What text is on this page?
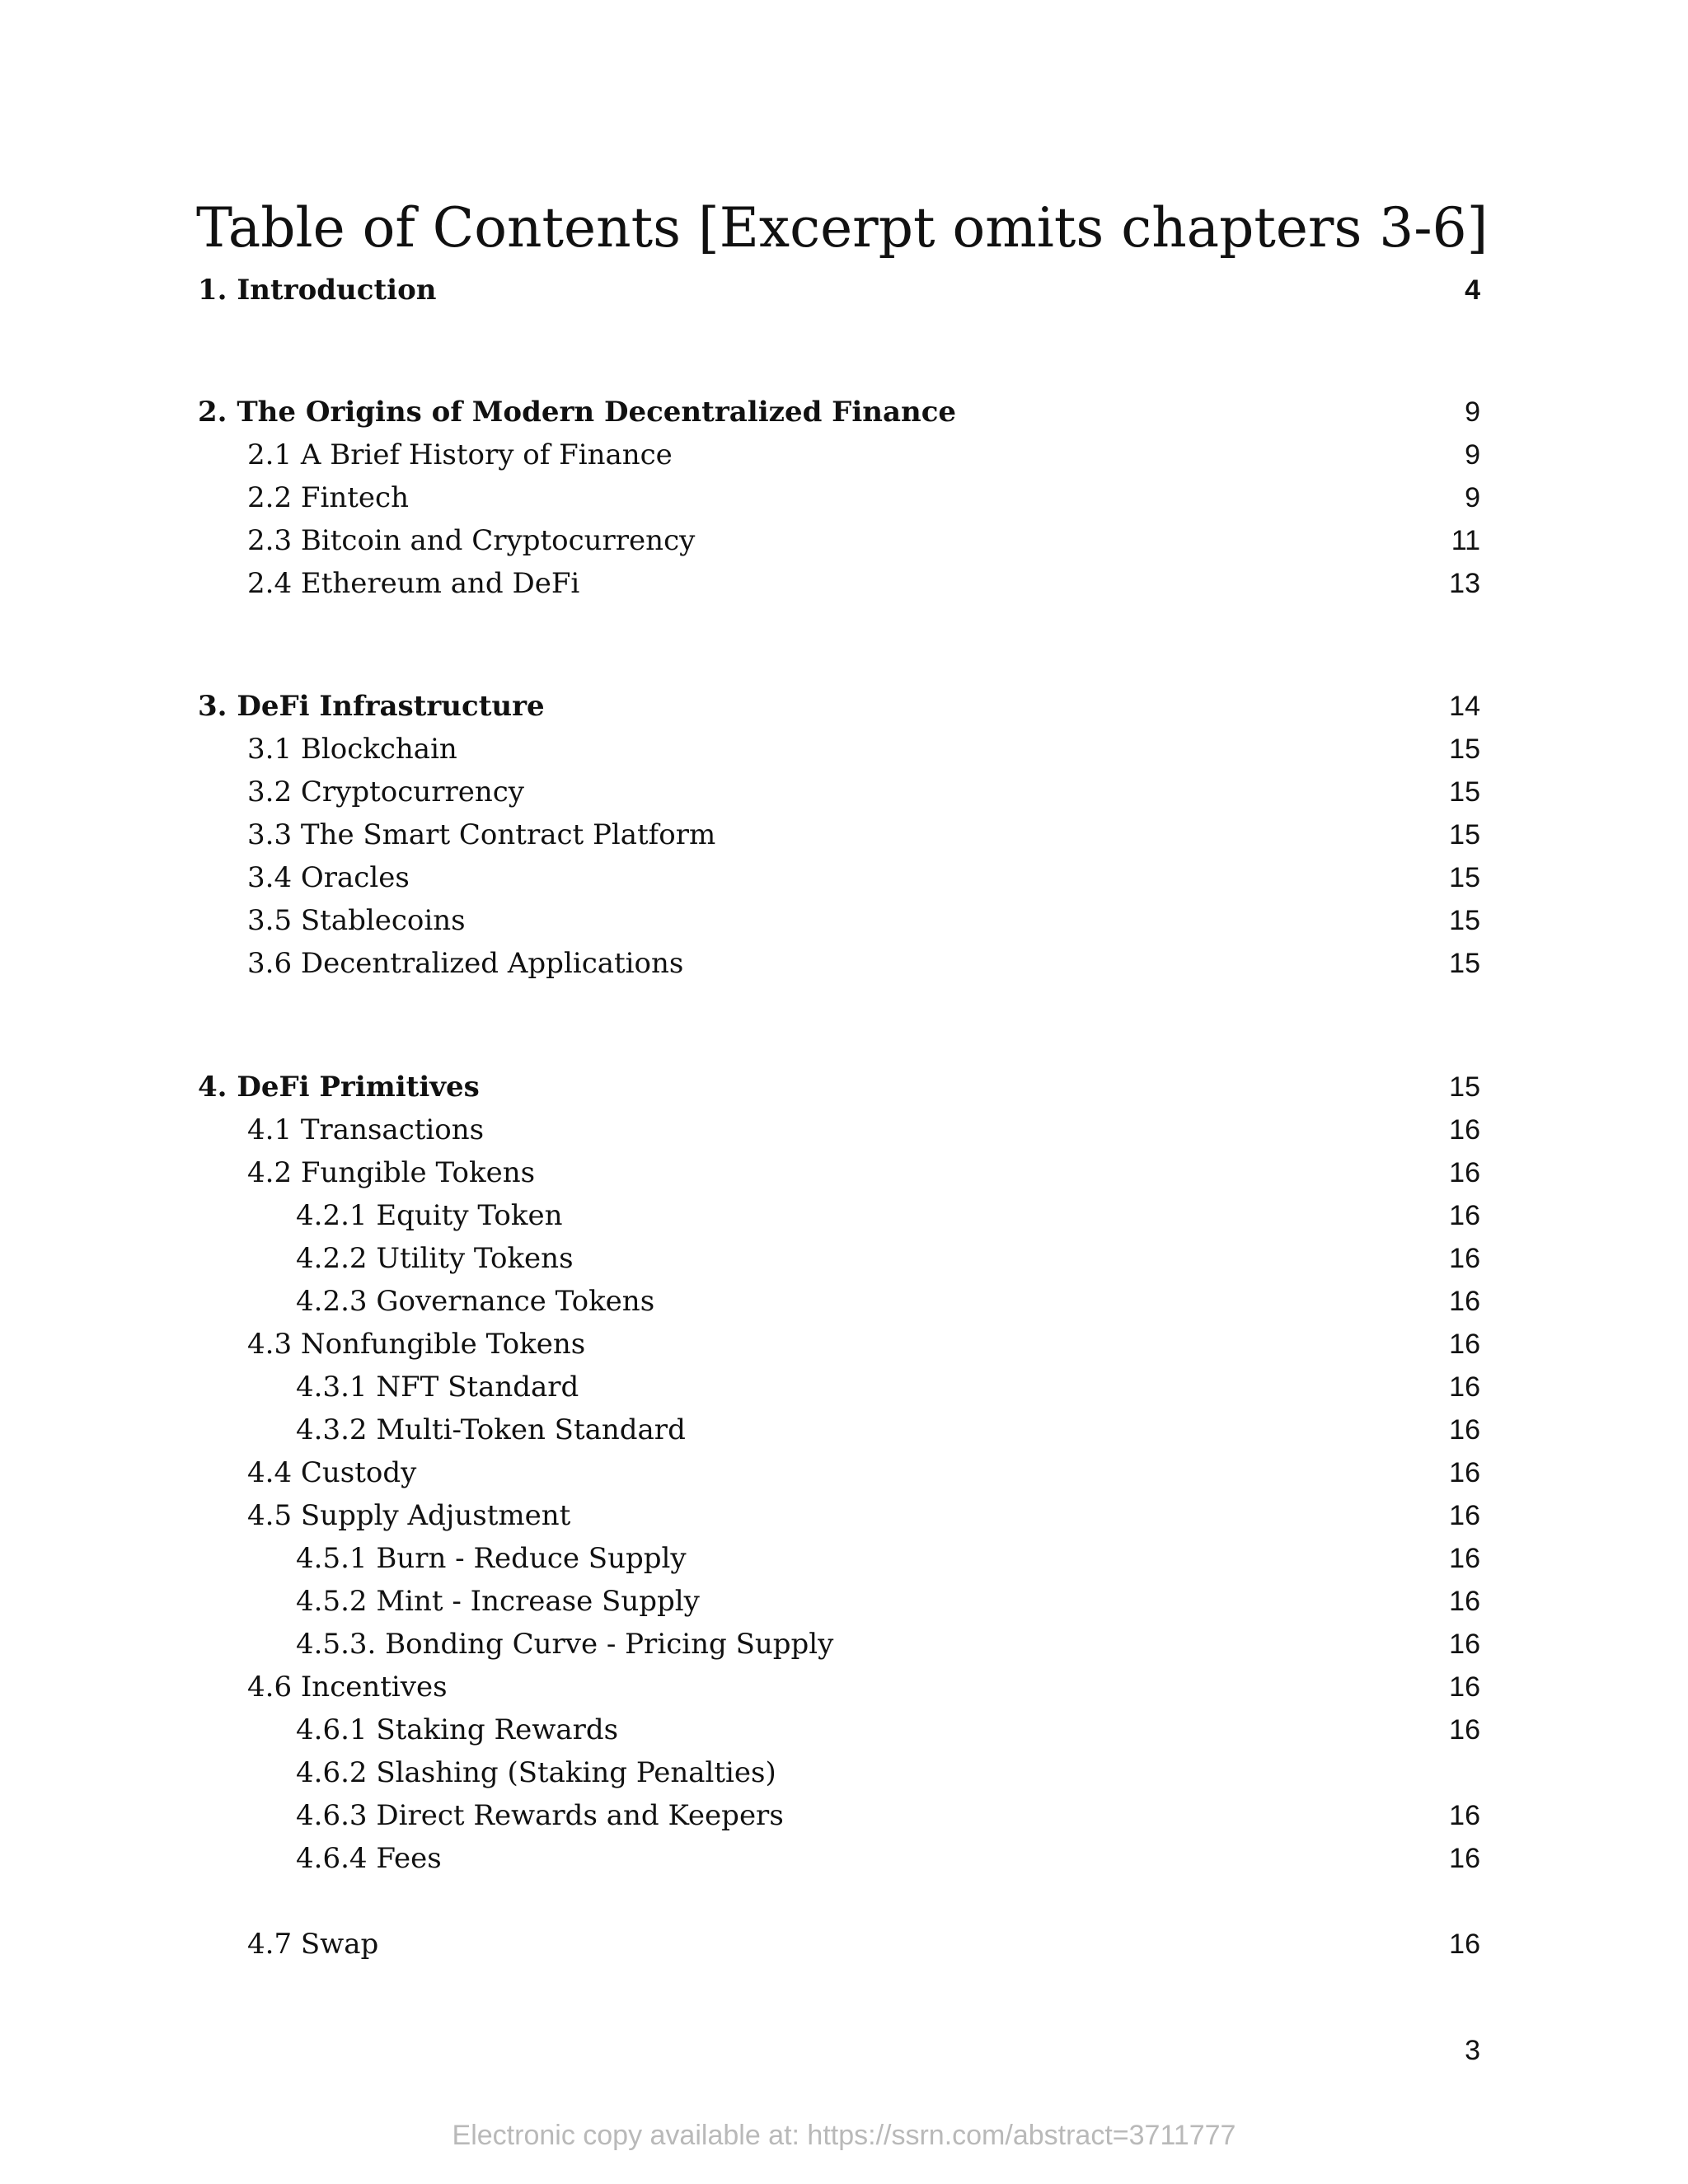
Table of Contents [Excerpt omits chapters 3-6]
1. Introduction	4
2. The Origins of Modern Decentralized Finance	9
2.1 A Brief History of Finance	9
2.2 Fintech	9
2.3 Bitcoin and Cryptocurrency	11
2.4 Ethereum and DeFi	13
3. DeFi Infrastructure	14
3.1 Blockchain	15
3.2 Cryptocurrency	15
3.3 The Smart Contract Platform	15
3.4 Oracles	15
3.5 Stablecoins	15
3.6 Decentralized Applications	15
4. DeFi Primitives	15
4.1 Transactions	16
4.2 Fungible Tokens	16
4.2.1 Equity Token	16
4.2.2 Utility Tokens	16
4.2.3 Governance Tokens	16
4.3 Nonfungible Tokens	16
4.3.1 NFT Standard	16
4.3.2 Multi-Token Standard	16
4.4 Custody	16
4.5 Supply Adjustment	16
4.5.1 Burn - Reduce Supply	16
4.5.2 Mint - Increase Supply	16
4.5.3. Bonding Curve - Pricing Supply	16
4.6 Incentives	16
4.6.1 Staking Rewards	16
4.6.2 Slashing (Staking Penalties)
4.6.3 Direct Rewards and Keepers	16
4.6.4 Fees	16
4.7 Swap	16
3
Electronic copy available at: https://ssrn.com/abstract=3711777
